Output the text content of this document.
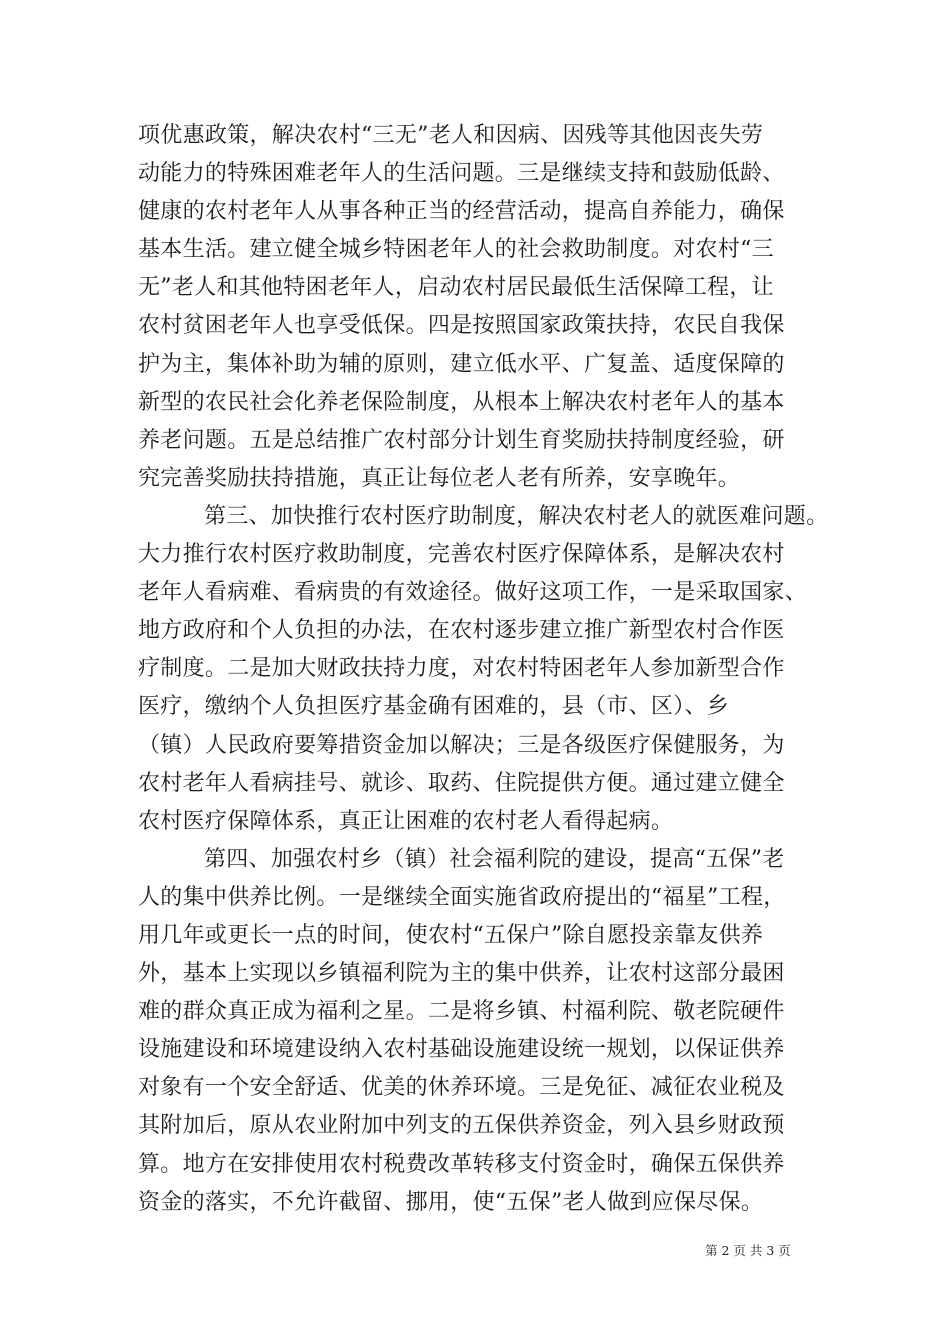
项优惠政策，解决农村“三无”老人和因病、因残等其他因丧失劳
动能力的特殊困难老年人的生活问题。三是继续支持和鼓励低龄、
健康的农村老年人从事各种正当的经营活动，提高自养能力，确保
基本生活。建立健全城乡特困老年人的社会救助制度。对农村“三
无”老人和其他特困老年人，启动农村居民最低生活保障工程，让
农村贫困老年人也享受低保。四是按照国家政策扶持，农民自我保
护为主，集体补助为辅的原则，建立低水平、广复盖、适度保障的
新型的农民社会化养老保险制度，从根本上解决农村老年人的基本
养老问题。五是总结推广农村部分计划生育奖励扶持制度经验，研
究完善奖励扶持措施，真正让每位老人老有所养，安享晚年。
第三、加快推行农村医疗助制度，解决农村老人的就医难问题。
大力推行农村医疗救助制度，完善农村医疗保障体系，是解决农村
老年人看病难、看病贵的有效途径。做好这项工作，一是采取国家、
地方政府和个人负担的办法，在农村逐步建立推广新型农村合作医
疗制度。二是加大财政扶持力度，对农村特困老年人参加新型合作
医疗，缴纳个人负担医疗基金确有困难的，县（市、区）、乡
（镇）人民政府要筹措资金加以解决；三是各级医疗保健服务，为
农村老年人看病挂号、就诊、取药、住院提供方便。通过建立健全
农村医疗保障体系，真正让困难的农村老人看得起病。
第四、加强农村乡（镇）社会福利院的建设，提高“五保”老
人的集中供养比例。一是继续全面实施省政府提出的“福星”工程，
用几年或更长一点的时间，使农村“五保户”除自愿投亲靠友供养
外，基本上实现以乡镇福利院为主的集中供养，让农村这部分最困
难的群众真正成为福利之星。二是将乡镇、村福利院、敬老院硬件
设施建设和环境建设纳入农村基础设施建设统一规划，以保证供养
对象有一个安全舒适、优美的休养环境。三是免征、减征农业税及
其附加后，原从农业附加中列支的五保供养资金，列入县乡财政预
算。地方在安排使用农村税费改革转移支付资金时，确保五保供养
资金的落实，不允许截留、挪用，使“五保”老人做到应保尽保。
第 2 页 共 3 页
